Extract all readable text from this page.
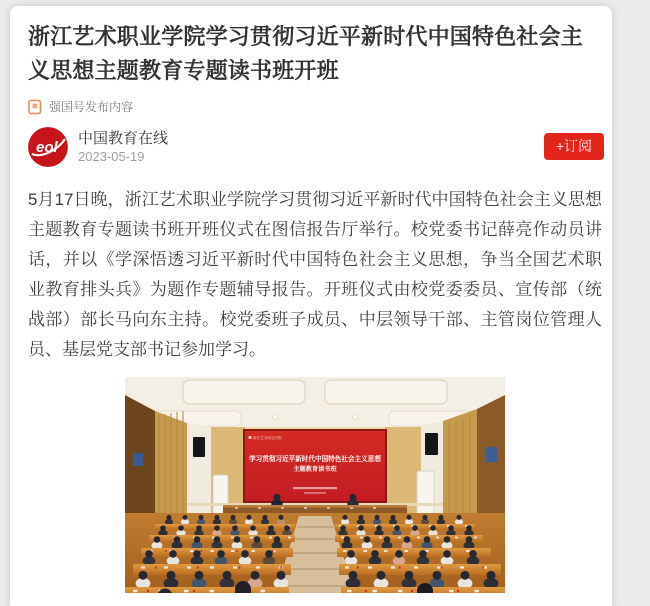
浙江艺术职业学院学习贯彻习近平新时代中国特色社会主义思想主题教育专题读书班开班
强国号发布内容
eol
中国教育在线
2023-05-19
+订阅

5月17日晚，浙江艺术职业学院学习贯彻习近平新时代中国特色社会主义思想主题教育专题读书班开班仪式在图信报告厅举行。校党委书记薛亮作动员讲话，并以《学深悟透习近平新时代中国特色社会主义思想，争当全国艺术职业教育排头兵》为题作专题辅导报告。开班仪式由校党委委员、宣传部（统战部）部长马向东主持。校党委班子成员、中层领导干部、主管岗位管理人员、基层党支部书记参加学习。

浙江艺术职业学院
学习贯彻习近平新时代中国特色社会主义思想
主题教育读书班
